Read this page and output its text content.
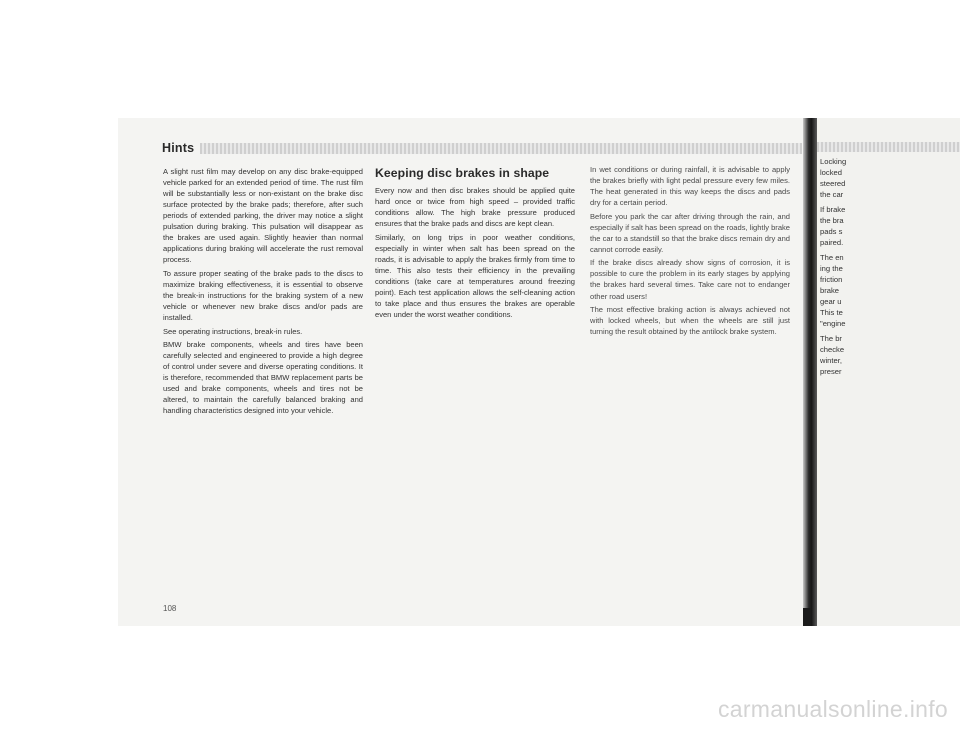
Hints

A slight rust film may develop on any disc brake-equipped vehicle parked for an extended period of time. The rust film will be substantially less or non-existant on the brake disc surface protected by the brake pads; therefore, after such periods of extended parking, the driver may notice a slight pulsation during braking. This pulsation will disappear as the brakes are used again. Slightly heavier than normal applications during braking will accelerate the rust removal process.

To assure proper seating of the brake pads to the discs to maximize braking effectiveness, it is essential to observe the break-in instructions for the braking system of a new vehicle or whenever new brake discs and/or pads are installed.

See operating instructions, break-in rules.

BMW brake components, wheels and tires have been carefully selected and engineered to provide a high degree of control under severe and diverse operating conditions. It is therefore, recommended that BMW replacement parts be used and brake components, wheels and tires not be altered, to maintain the carefully balanced braking and handling characteristics designed into your vehicle.

Keeping disc brakes in shape

Every now and then disc brakes should be applied quite hard once or twice from high speed – provided traffic conditions allow. The high brake pressure produced ensures that the brake pads and discs are kept clean.

Similarly, on long trips in poor weather conditions, especially in winter when salt has been spread on the roads, it is advisable to apply the brakes firmly from time to time. This also tests their efficiency in the prevailing conditions (take care at temperatures around freezing point). Each test application allows the self-cleaning action to take place and thus ensures the brakes are operable even under the worst weather conditions.

In wet conditions or during rainfall, it is advisable to apply the brakes briefly with light pedal pressure every few miles. The heat generated in this way keeps the discs and pads dry for a certain period.

Before you park the car after driving through the rain, and especially if salt has been spread on the roads, lightly brake the car to a standstill so that the brake discs remain dry and cannot corrode easily.

If the brake discs already show signs of corrosion, it is possible to cure the problem in its early stages by applying the brakes hard several times. Take care not to endanger other road users!

The most effective braking action is always achieved not with locked wheels, but when the wheels are still just turning the result obtained by the antilock brake system.

108
Locking
locked
steered
the car
If brake
the bra
pads s
paired.
The en
ing the
friction
brake
gear u
This te
"engine
The br
checke
winter,
preser
carmanualsonline.info
